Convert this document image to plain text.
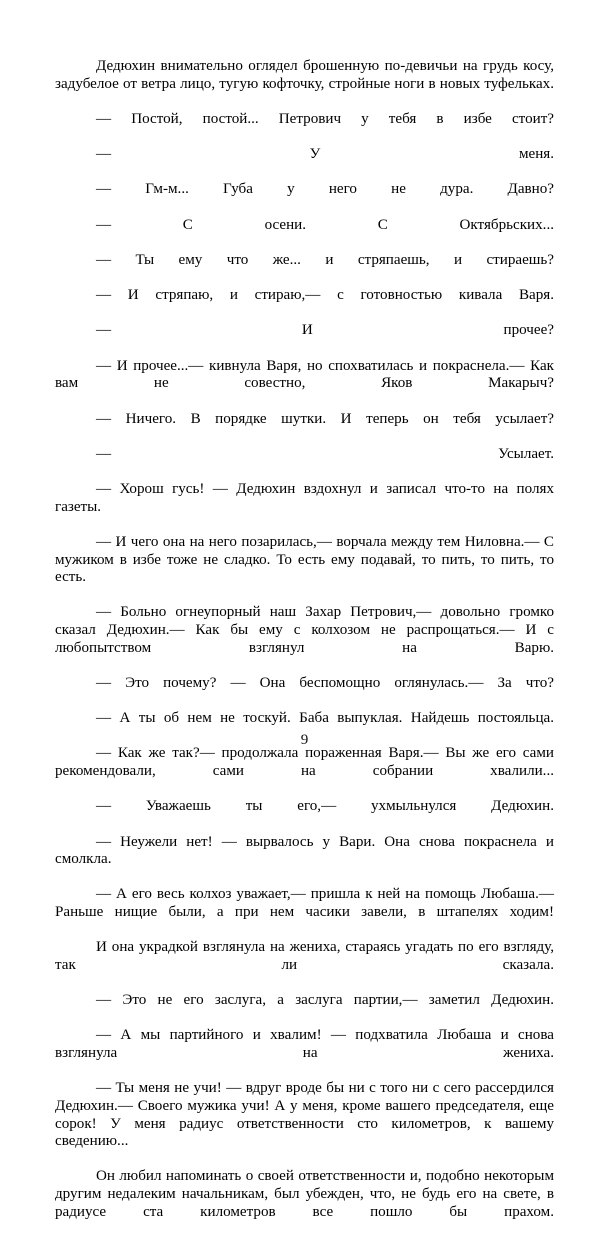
Дедюхин внимательно оглядел брошенную по-девичьи на грудь косу, задубелое от ветра лицо, тугую кофточку, стройные ноги в новых туфельках.

— Постой, постой... Петрович у тебя в избе стоит?

— У меня.

— Гм-м... Губа у него не дура. Давно?

— С осени. С Октябрьских...

— Ты ему что же... и стряпаешь, и стираешь?

— И стряпаю, и стираю,— с готовностью кивала Варя.

— И прочее?

— И прочее...— кивнула Варя, но спохватилась и покраснела.— Как вам не совестно, Яков Макарыч?

— Ничего. В порядке шутки. И теперь он тебя усылает?

— Усылает.

— Хорош гусь! — Дедюхин вздохнул и записал что-то на полях газеты.

— И чего она на него позарилась,— ворчала между тем Ниловна.— С мужиком в избе тоже не сладко. То есть ему подавай, то пить, то пить, то есть.

— Больно огнеупорный наш Захар Петрович,— довольно громко сказал Дедюхин.— Как бы ему с колхозом не распрощаться.— И с любопытством взглянул на Варю.

— Это почему? — Она беспомощно оглянулась.— За что?

— А ты об нем не тоскуй. Баба выпуклая. Найдешь постояльца.

— Как же так?— продолжала пораженная Варя.— Вы же его сами рекомендовали, сами на собрании хвалили...

— Уважаешь ты его,— ухмыльнулся Дедюхин.

— Неужели нет! — вырвалось у Вари. Она снова покраснела и смолкла.

— А его весь колхоз уважает,— пришла к ней на помощь Любаша.— Раньше нищие были, а при нем часики завели, в штапелях ходим!

И она украдкой взглянула на жениха, стараясь угадать по его взгляду, так ли сказала.

— Это не его заслуга, а заслуга партии,— заметил Дедюхин.

— А мы партийного и хвалим! — подхватила Любаша и снова взглянула на жениха.

— Ты меня не учи! — вдруг вроде бы ни с того ни с сего рассердился Дедюхин.— Своего мужика учи! А у меня, кроме вашего председателя, еще сорок! У меня радиус ответственности сто километров, к вашему сведению...

Он любил напоминать о своей ответственности и, подобно некоторым другим недалеким начальникам, был убежден, что, не будь его на свете, в радиусе ста километров все пошло бы прахом.

9
